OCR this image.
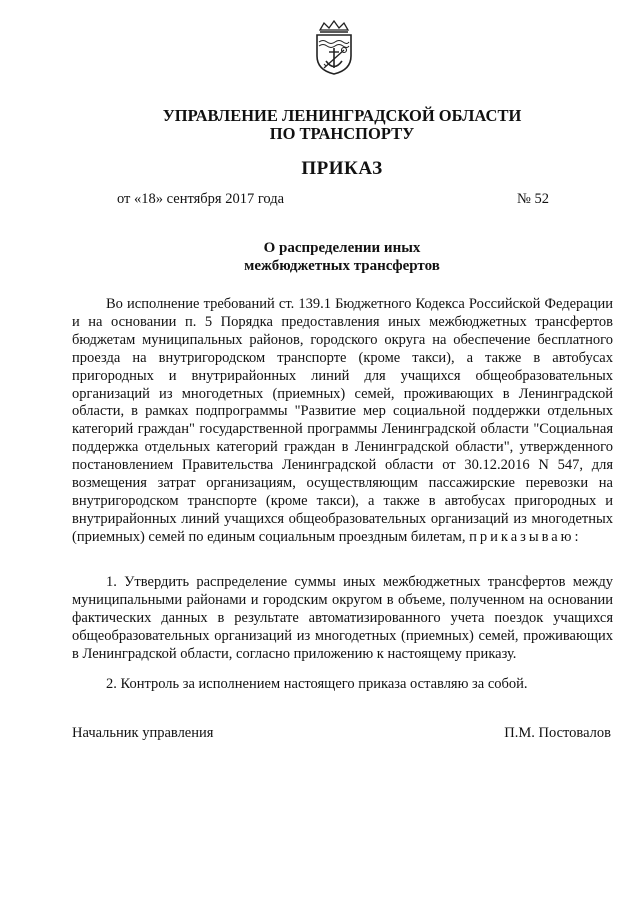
УПРАВЛЕНИЕ ЛЕНИНГРАДСКОЙ ОБЛАСТИ
ПО ТРАНСПОРТУ
ПРИКАЗ
от «18» сентября 2017 года	№ 52
О распределении иных
межбюджетных трансфертов
Во исполнение требований ст. 139.1 Бюджетного Кодекса Российской Федерации и на основании п. 5 Порядка предоставления иных межбюджетных трансфертов бюджетам муниципальных районов, городского округа на обеспечение бесплатного проезда на внутригородском транспорте (кроме такси), а также в автобусах пригородных и внутрирайонных линий для учащихся общеобразовательных организаций из многодетных (приемных) семей, проживающих в Ленинградской области, в рамках подпрограммы "Развитие мер социальной поддержки отдельных категорий граждан" государственной программы Ленинградской области "Социальная поддержка отдельных категорий граждан в Ленинградской области", утвержденного постановлением Правительства Ленинградской области от 30.12.2016 N 547, для возмещения затрат организациям, осуществляющим пассажирские перевозки на внутригородском транспорте (кроме такси), а также в автобусах пригородных и внутрирайонных линий учащихся общеобразовательных организаций из многодетных (приемных) семей по единым социальным проездным билетам, приказываю:
1. Утвердить распределение суммы иных межбюджетных трансфертов между муниципальными районами и городским округом в объеме, полученном на основании фактических данных в результате автоматизированного учета поездок учащихся общеобразовательных организаций из многодетных (приемных) семей, проживающих в Ленинградской области, согласно приложению к настоящему приказу.
2. Контроль за исполнением настоящего приказа оставляю за собой.
Начальник управления	П.М. Постовалов
